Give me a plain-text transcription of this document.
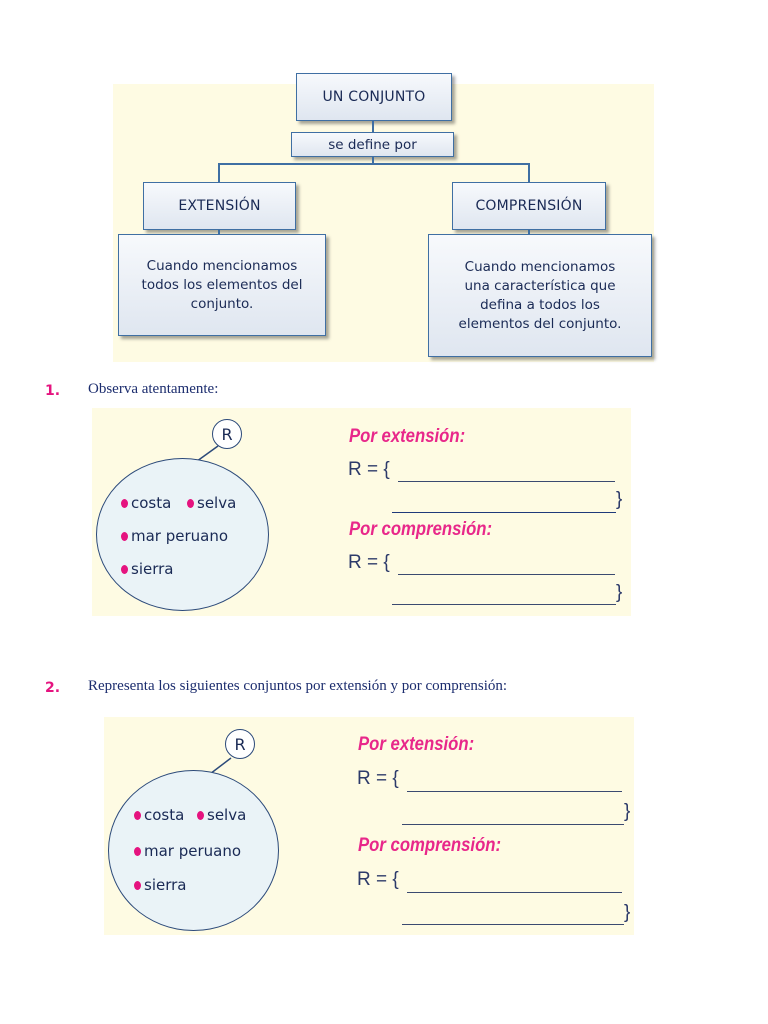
UN CONJUNTO
se define por
EXTENSIÓN
Cuando mencionamos todos los elementos del conjunto.
COMPRENSIÓN
Cuando mencionamos una característica que defina a todos los elementos del conjunto.
1. Observa atentamente:
R
costa	selva
mar peruano
sierra
Por extensión:
R = {
}
Por comprensión:
R = {
}
2. Representa los siguientes conjuntos por extensión y por comprensión:
R
costa	selva
mar peruano
sierra
Por extensión:
R = {
}
Por comprensión:
R = {
}
